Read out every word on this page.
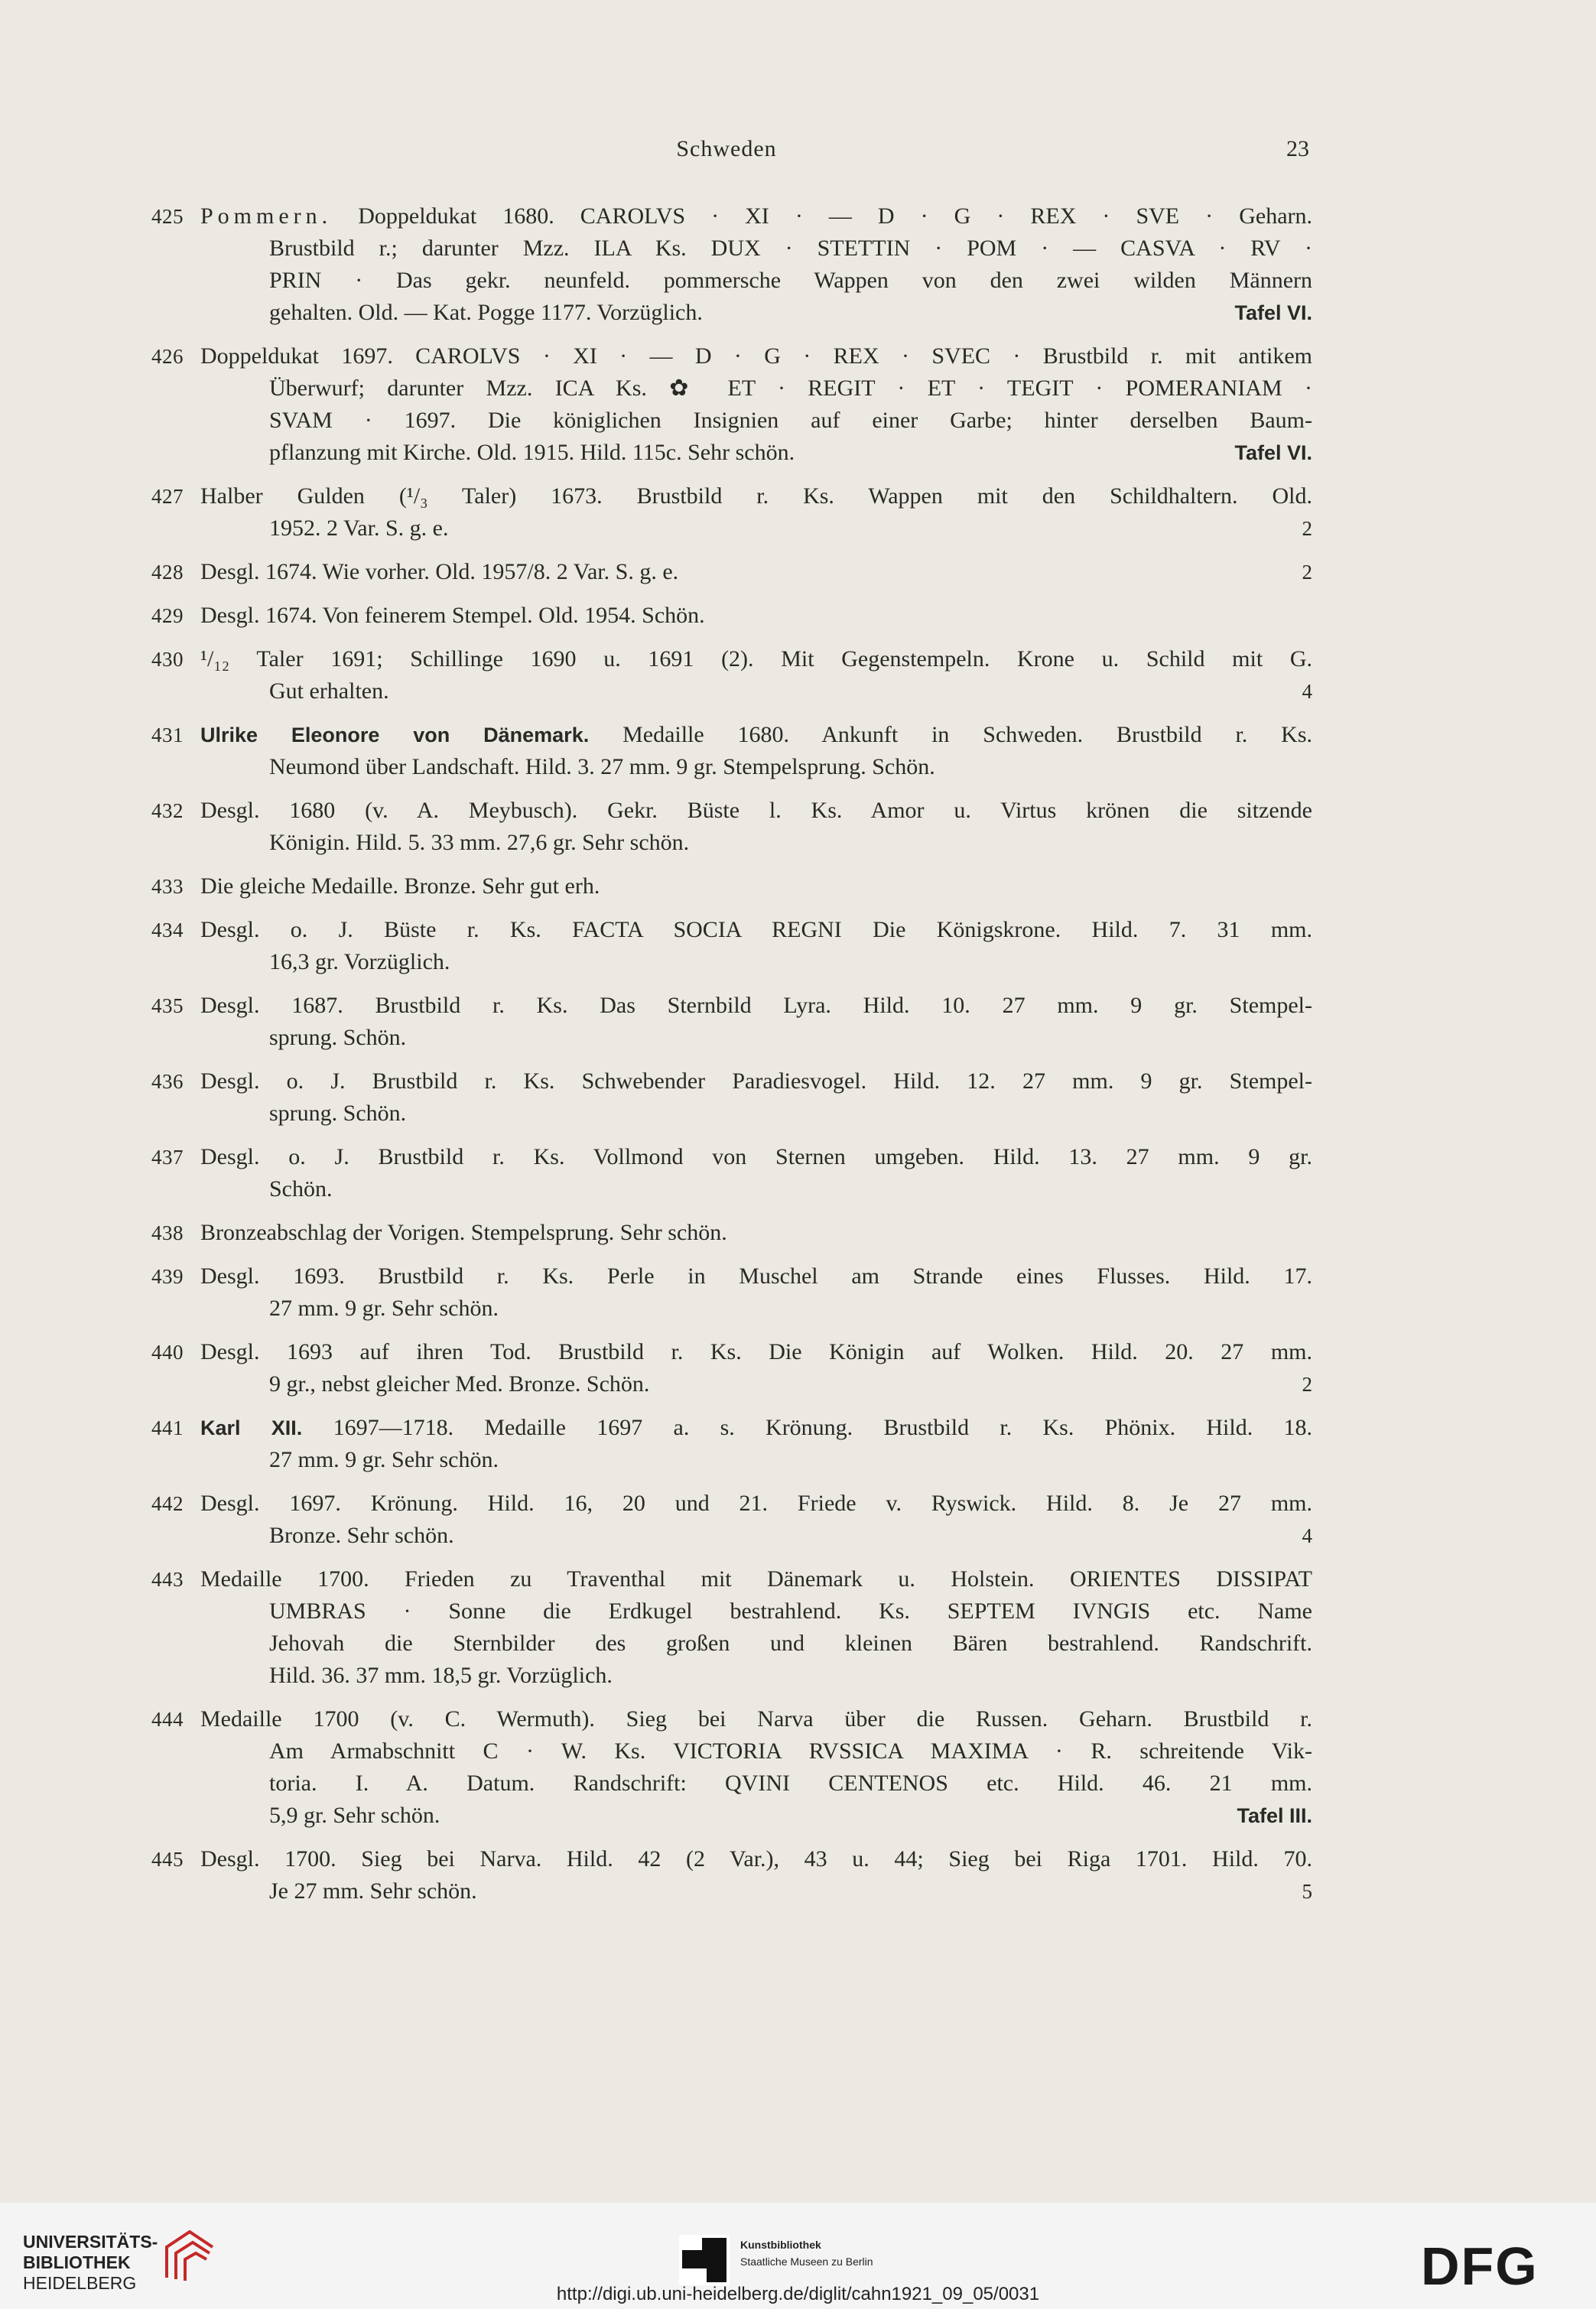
Schweden	23
425 Pommern. Doppeldukat 1680. CAROLVS · XI · — D · G · REX · SVE · Geharn.
Brustbild r.; darunter Mzz. ILA Ks. DUX · STETTIN · POM · — CASVA · RV ·
PRIN · Das gekr. neunfeld. pommersche Wappen von den zwei wilden Männern
gehalten. Old. — Kat. Pogge 1177. Vorzüglich.	Tafel VI.
426 Doppeldukat 1697. CAROLVS · XI · — D · G · REX · SVEC · Brustbild r. mit antikem
Überwurf; darunter Mzz. ICA Ks. ✿ ET · REGIT · ET · TEGIT · POMERANIAM ·
SVAM · 1697. Die königlichen Insignien auf einer Garbe; hinter derselben Baum-
pflanzung mit Kirche. Old. 1915. Hild. 115c. Sehr schön.	Tafel VI.
427 Halber Gulden (¹/₃ Taler) 1673. Brustbild r. Ks. Wappen mit den Schildhaltern. Old.
1952. 2 Var. S. g. e.	2
428 Desgl. 1674. Wie vorher. Old. 1957/8. 2 Var. S. g. e.	2
429 Desgl. 1674. Von feinerem Stempel. Old. 1954. Schön.
430 ¹/₁₂ Taler 1691; Schillinge 1690 u. 1691 (2). Mit Gegenstempeln. Krone u. Schild mit G.
Gut erhalten.	4
431 Ulrike Eleonore von Dänemark. Medaille 1680. Ankunft in Schweden. Brustbild r. Ks.
Neumond über Landschaft. Hild. 3. 27 mm. 9 gr. Stempelsprung. Schön.
432 Desgl. 1680 (v. A. Meybusch). Gekr. Büste l. Ks. Amor u. Virtus krönen die sitzende
Königin. Hild. 5. 33 mm. 27,6 gr. Sehr schön.
433 Die gleiche Medaille. Bronze. Sehr gut erh.
434 Desgl. o. J. Büste r. Ks. FACTA SOCIA REGNI Die Königskrone. Hild. 7. 31 mm.
16,3 gr. Vorzüglich.
435 Desgl. 1687. Brustbild r. Ks. Das Sternbild Lyra. Hild. 10. 27 mm. 9 gr. Stempel-
sprung. Schön.
436 Desgl. o. J. Brustbild r. Ks. Schwebender Paradiesvogel. Hild. 12. 27 mm. 9 gr. Stempel-
sprung. Schön.
437 Desgl. o. J. Brustbild r. Ks. Vollmond von Sternen umgeben. Hild. 13. 27 mm. 9 gr.
Schön.
438 Bronzeabschlag der Vorigen. Stempelsprung. Sehr schön.
439 Desgl. 1693. Brustbild r. Ks. Perle in Muschel am Strande eines Flusses. Hild. 17.
27 mm. 9 gr. Sehr schön.
440 Desgl. 1693 auf ihren Tod. Brustbild r. Ks. Die Königin auf Wolken. Hild. 20. 27 mm.
9 gr., nebst gleicher Med. Bronze. Schön.	2
441 Karl XII. 1697—1718. Medaille 1697 a. s. Krönung. Brustbild r. Ks. Phönix. Hild. 18.
27 mm. 9 gr. Sehr schön.
442 Desgl. 1697. Krönung. Hild. 16, 20 und 21. Friede v. Ryswick. Hild. 8. Je 27 mm.
Bronze. Sehr schön.	4
443 Medaille 1700. Frieden zu Traventhal mit Dänemark u. Holstein. ORIENTES DISSIPAT
UMBRAS · Sonne die Erdkugel bestrahlend. Ks. SEPTEM IVNGIS etc. Name
Jehovah die Sternbilder des großen und kleinen Bären bestrahlend. Randschrift.
Hild. 36. 37 mm. 18,5 gr. Vorzüglich.
444 Medaille 1700 (v. C. Wermuth). Sieg bei Narva über die Russen. Geharn. Brustbild r.
Am Armabschnitt C · W. Ks. VICTORIA RVSSICA MAXIMA · R. schreitende Vik-
toria. I. A. Datum. Randschrift: QVINI CENTENOS etc. Hild. 46. 21 mm.
5,9 gr. Sehr schön.	Tafel III.
445 Desgl. 1700. Sieg bei Narva. Hild. 42 (2 Var.), 43 u. 44; Sieg bei Riga 1701. Hild. 70.
Je 27 mm. Sehr schön.	5
UNIVERSITÄTS-
BIBLIOTHEK
HEIDELBERG
Kunstbibliothek
Staatliche Museen zu Berlin	DFG
http://digi.ub.uni-heidelberg.de/diglit/cahn1921_09_05/0031
